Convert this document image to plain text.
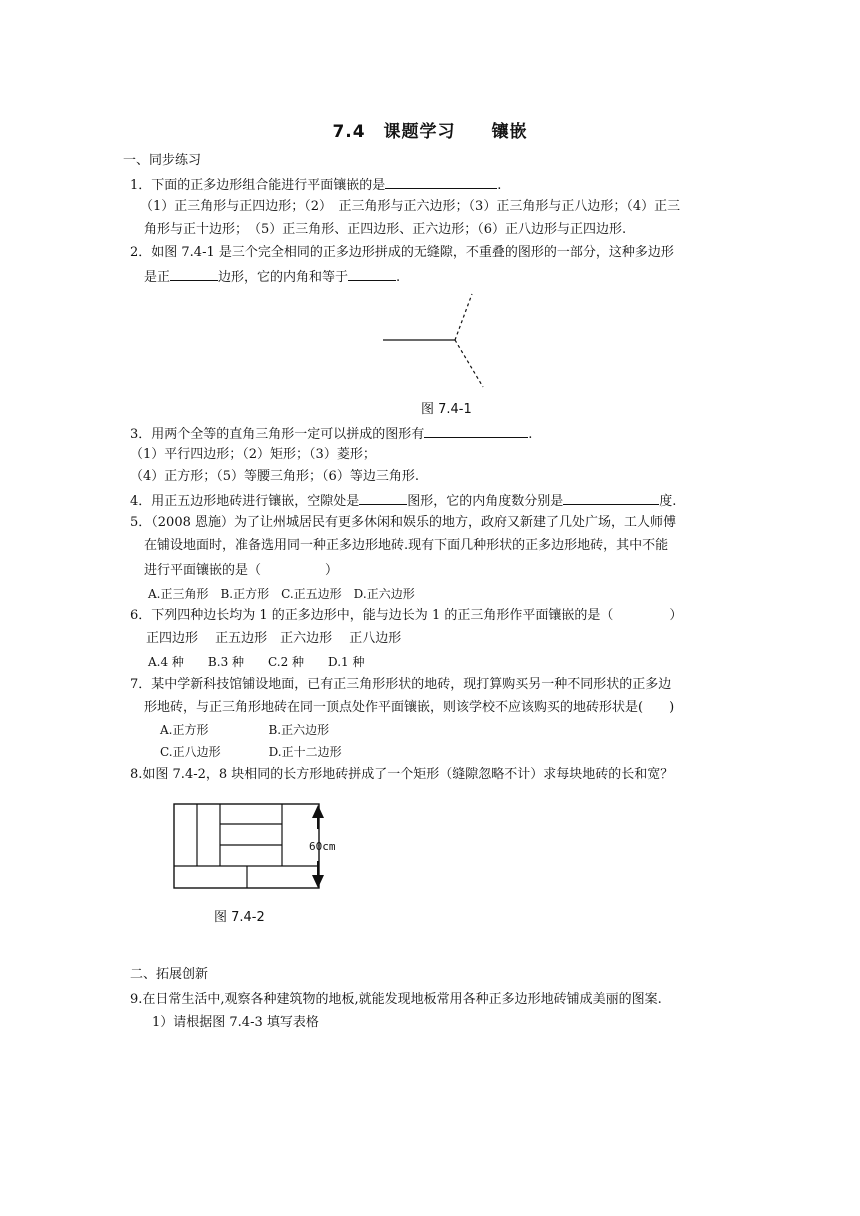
7.4　课题学习　　镶嵌
一、同步练习
1．下面的正多边形组合能进行平面镶嵌的是	.
（1）正三角形与正四边形；（2）　正三角形与正六边形；（3）正三角形与正八边形；（4）正三
角形与正十边形；　（5）正三角形、正四边形、正六边形；（6）正八边形与正四边形.
2．如图 7.4-1 是三个完全相同的正多边形拼成的无缝隙，不重叠的图形的一部分，这种多边形
是正	边形，它的内角和等于	.
图 7.4-1
3．用两个全等的直角三角形一定可以拼成的图形有	.
（1）平行四边形；（2）矩形；（3）菱形；
（4）正方形；（5）等腰三角形；（6）等边三角形.
4．用正五边形地砖进行镶嵌，空隙处是	图形，它的内角度数分别是	度.
5．（2008 恩施）为了让州城居民有更多休闲和娱乐的地方，政府又新建了几处广场，工人师傅
在铺设地面时，准备选用同一种正多边形地砖.现有下面几种形状的正多边形地砖，其中不能
进行平面镶嵌的是（	）
A.正三角形　B.正方形　C.正五边形　D.正六边形
6．下列四种边长均为 1 的正多边形中，能与边长为 1 的正三角形作平面镶嵌的是（	）
正四边形　 正五边形　正六边形　 正八边形
A.4 种　　B.3 种　　C.2 种　　D.1 种
7．某中学新科技馆铺设地面，已有正三角形形状的地砖，现打算购买另一种不同形状的正多边
形地砖，与正三角形地砖在同一顶点处作平面镶嵌，则该学校不应该购买的地砖形状是(　　)
A.正方形　　　　　B.正六边形
C.正八边形　　　　D.正十二边形
8.如图 7.4-2，8 块相同的长方形地砖拼成了一个矩形（缝隙忽略不计）求每块地砖的长和宽？
60cm
图 7.4-2
二、拓展创新
9.在日常生活中,观察各种建筑物的地板,就能发现地板常用各种正多边形地砖铺成美丽的图案.
1）请根据图 7.4-3 填写表格
